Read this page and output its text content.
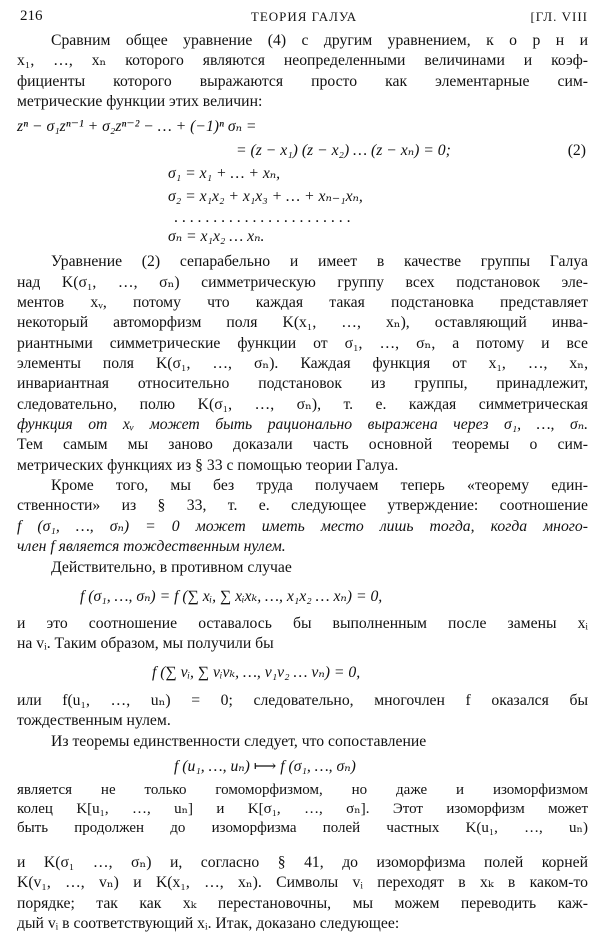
216	ТЕОРИЯ ГАЛУА	[ГЛ. VIII
Сравним общее уравнение (4) с другим уравнением, к о р н и
x₁, …, xₙ которого являются неопределенными величинами и коэф-
фициенты которого выражаются просто как элементарные сим-
метрические функции этих величин:
zⁿ − σ₁zⁿ⁻¹ + σ₂zⁿ⁻² − … + (−1)ⁿ σₙ =
= (z − x₁) (z − x₂) … (z − xₙ) = 0;	(2)
σ₁ = x₁ + … + xₙ,
σ₂ = x₁x₂ + x₁x₃ + … + xₙ₋₁xₙ,
. . . . . . . . . . . . . . . . . . . . . . .
σₙ = x₁x₂ … xₙ.
Уравнение (2) сепарабельно и имеет в качестве группы Галуа
над K(σ₁, …, σₙ) симметрическую группу всех подстановок эле-
ментов xᵥ, потому что каждая такая подстановка представляет
некоторый автоморфизм поля K(x₁, …, xₙ), оставляющий инва-
риантными симметрические функции от σ₁, …, σₙ, а потому и все
элементы поля K(σ₁, …, σₙ). Каждая функция от x₁, …, xₙ,
инвариантная относительно подстановок из группы, принадлежит,
следовательно, полю K(σ₁, …, σₙ), т. е. каждая симметрическая
функция от xᵥ может быть рационально выражена через σ₁, …, σₙ.
Тем самым мы заново доказали часть основной теоремы о сим-
метрических функциях из § 33 с помощью теории Галуа.
Кроме того, мы без труда получаем теперь «теорему един-
ственности» из § 33, т. е. следующее утверждение: соотношение
f (σ₁, …, σₙ) = 0 может иметь место лишь тогда, когда много-
член f является тождественным нулем.
Действительно, в противном случае
f (σ₁, …, σₙ) = f (∑ xᵢ, ∑ xᵢxₖ, …, x₁x₂ … xₙ) = 0,
и это соотношение оставалось бы выполненным после замены xᵢ
на vᵢ. Таким образом, мы получили бы
f (∑ vᵢ, ∑ vᵢvₖ, …, v₁v₂ … vₙ) = 0,
или f(u₁, …, uₙ) = 0; следовательно, многочлен f оказался бы
тождественным нулем.
Из теоремы единственности следует, что сопоставление
f (u₁, …, uₙ) ⟼ f (σ₁, …, σₙ)
является не только гомоморфизмом, но даже и изоморфизмом
колец K[u₁, …, uₙ] и K[σ₁, …, σₙ]. Этот изоморфизм может
быть продолжен до изоморфизма полей частных K(u₁, …, uₙ)
и K(σ₁ …, σₙ) и, согласно § 41, до изоморфизма полей корней
K(v₁, …, vₙ) и K(x₁, …, xₙ). Символы vᵢ переходят в xₖ в каком-то
порядке; так как xₖ перестановочны, мы можем переводить каж-
дый vᵢ в соответствующий xᵢ. Итак, доказано следующее:
